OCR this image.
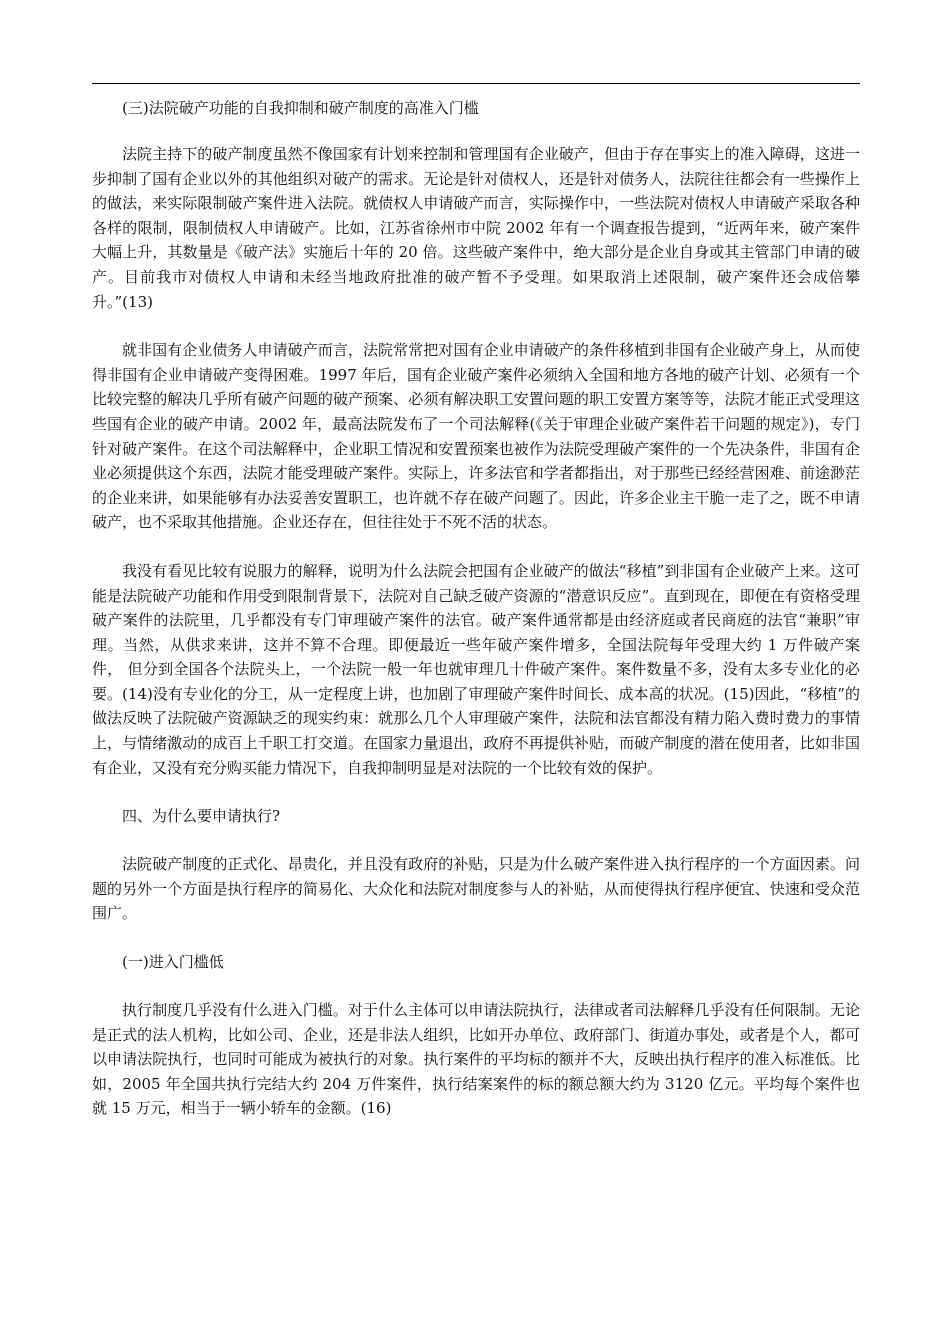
(三)法院破产功能的自我抑制和破产制度的高准入门槛

法院主持下的破产制度虽然不像国家有计划来控制和管理国有企业破产，但由于存在事实上的准入障碍，这进一步抑制了国有企业以外的其他组织对破产的需求。无论是针对债权人，还是针对债务人，法院往往都会有一些操作上的做法，来实际限制破产案件进入法院。就债权人申请破产而言，实际操作中，一些法院对债权人申请破产采取各种各样的限制，限制债权人申请破产。比如，江苏省徐州市中院 2002 年有一个调查报告提到，“近两年来，破产案件大幅上升，其数量是《破产法》实施后十年的 20 倍。这些破产案件中，绝大部分是企业自身或其主管部门申请的破产。目前我市对债权人申请和未经当地政府批准的破产暂不予受理。如果取消上述限制，破产案件还会成倍攀升。”(13)

就非国有企业债务人申请破产而言，法院常常把对国有企业申请破产的条件移植到非国有企业破产身上，从而使得非国有企业申请破产变得困难。1997 年后，国有企业破产案件必须纳入全国和地方各地的破产计划、必须有一个比较完整的解决几乎所有破产问题的破产预案、必须有解决职工安置问题的职工安置方案等等，法院才能正式受理这些国有企业的破产申请。2002 年，最高法院发布了一个司法解释(《关于审理企业破产案件若干问题的规定》)，专门针对破产案件。在这个司法解释中，企业职工情况和安置预案也被作为法院受理破产案件的一个先决条件，非国有企业必须提供这个东西，法院才能受理破产案件。实际上，许多法官和学者都指出，对于那些已经经营困难、前途渺茫的企业来讲，如果能够有办法妥善安置职工，也许就不存在破产问题了。因此，许多企业主干脆一走了之，既不申请破产，也不采取其他措施。企业还存在，但往往处于不死不活的状态。

我没有看见比较有说服力的解释，说明为什么法院会把国有企业破产的做法“移植”到非国有企业破产上来。这可能是法院破产功能和作用受到限制背景下，法院对自己缺乏破产资源的“潜意识反应”。直到现在，即便在有资格受理破产案件的法院里，几乎都没有专门审理破产案件的法官。破产案件通常都是由经济庭或者民商庭的法官“兼职”审理。当然，从供求来讲，这并不算不合理。即便最近一些年破产案件增多，全国法院每年受理大约 1 万件破产案件， 但分到全国各个法院头上，一个法院一般一年也就审理几十件破产案件。案件数量不多，没有太多专业化的必要。(14)没有专业化的分工，从一定程度上讲，也加剧了审理破产案件时间长、成本高的状况。(15)因此，“移植”的做法反映了法院破产资源缺乏的现实约束：就那么几个人审理破产案件，法院和法官都没有精力陷入费时费力的事情上，与情绪激动的成百上千职工打交道。在国家力量退出，政府不再提供补贴，而破产制度的潜在使用者，比如非国有企业，又没有充分购买能力情况下，自我抑制明显是对法院的一个比较有效的保护。

四、为什么要申请执行?

法院破产制度的正式化、昂贵化，并且没有政府的补贴，只是为什么破产案件进入执行程序的一个方面因素。问题的另外一个方面是执行程序的简易化、大众化和法院对制度参与人的补贴，从而使得执行程序便宜、快速和受众范围广。

(一)进入门槛低

执行制度几乎没有什么进入门槛。对于什么主体可以申请法院执行，法律或者司法解释几乎没有任何限制。无论是正式的法人机构，比如公司、企业，还是非法人组织，比如开办单位、政府部门、街道办事处，或者是个人，都可以申请法院执行，也同时可能成为被执行的对象。执行案件的平均标的额并不大，反映出执行程序的准入标准低。比如，2005 年全国共执行完结大约 204 万件案件，执行结案案件的标的额总额大约为 3120 亿元。平均每个案件也就 15 万元，相当于一辆小轿车的金额。(16)
